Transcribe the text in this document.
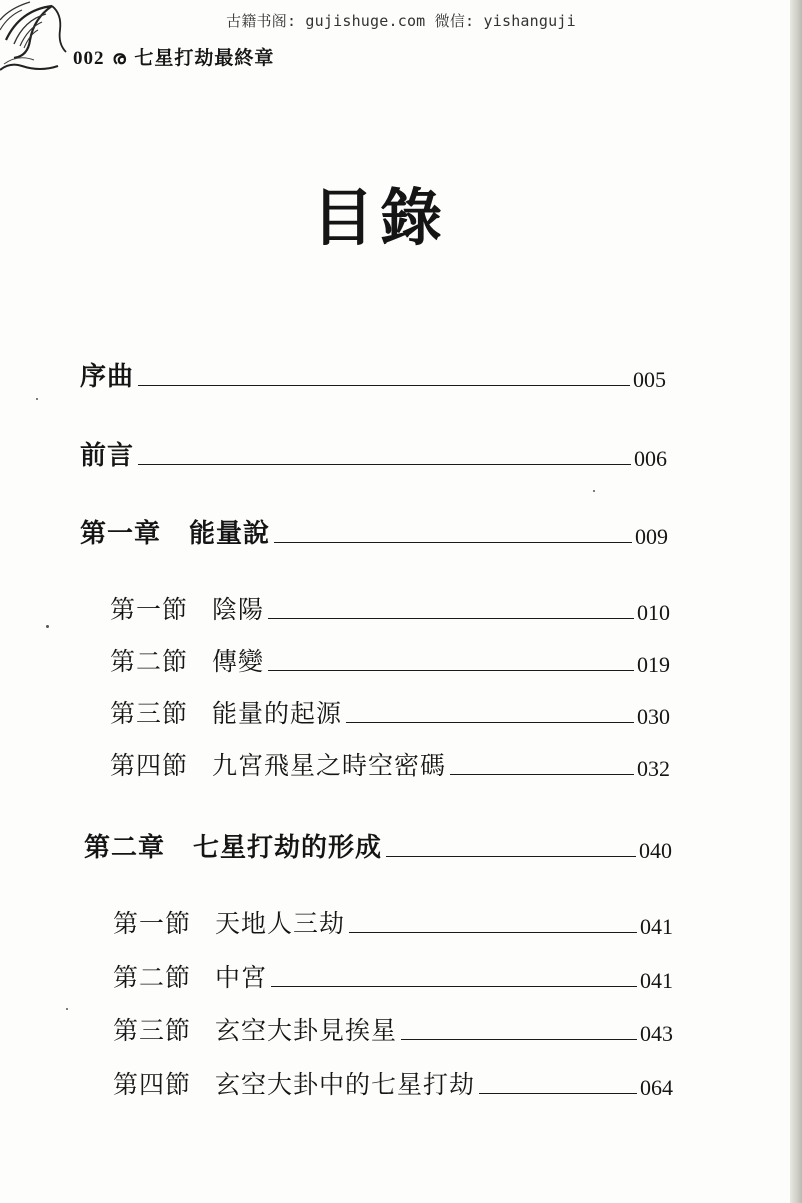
古籍书阁: gujishuge.com 微信: yishanguji
002 ര 七星打劫最終章
目錄
序曲	005
前言	006
第一章 能量說	009
第一節 陰陽	010
第二節 傳變	019
第三節 能量的起源	030
第四節 九宮飛星之時空密碼	032
第二章 七星打劫的形成	040
第一節 天地人三劫	041
第二節 中宮	041
第三節 玄空大卦見挨星	043
第四節 玄空大卦中的七星打劫	064
